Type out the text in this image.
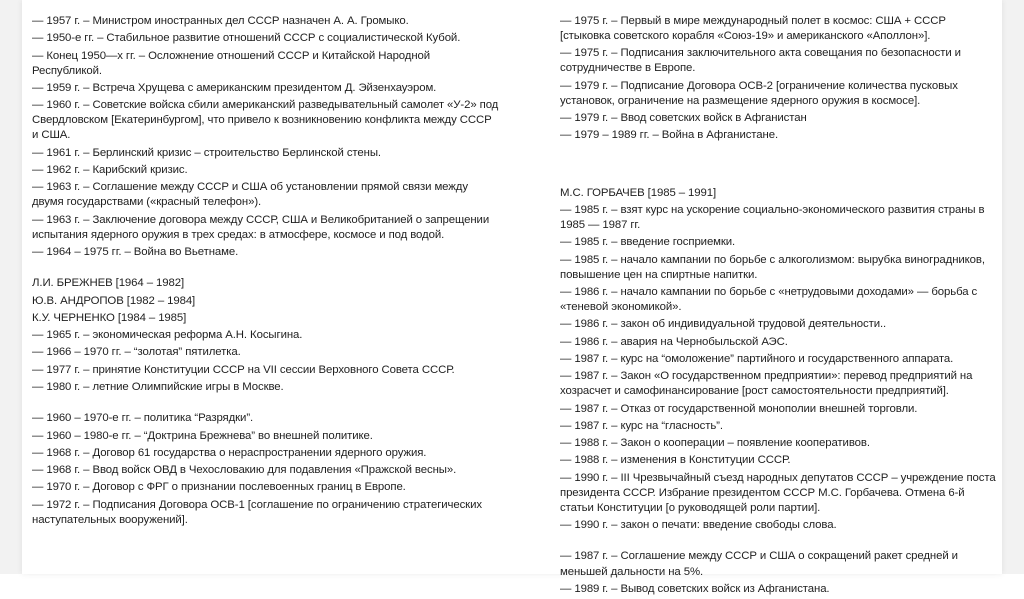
— 1957 г. – Министром иностранных дел СССР назначен А. А. Громыко.
— 1950-е гг. – Стабильное развитие отношений СССР с социалистической Кубой.
— Конец 1950—х гг. – Осложнение отношений СССР и Китайской Народной Республикой.
— 1959 г. – Встреча Хрущева с американским президентом Д. Эйзенхауэром.
— 1960 г. – Советские войска сбили американский разведывательный самолет «У-2» под Свердловском [Екатеринбургом], что привело к возникновению конфликта между СССР и США.
— 1961 г. – Берлинский кризис – строительство Берлинской стены.
— 1962 г. – Карибский кризис.
— 1963 г. – Соглашение между СССР и США об установлении прямой связи между двумя государствами («красный телефон»).
— 1963 г. – Заключение договора между СССР, США и Великобританией о запрещении испытания ядерного оружия в трех средах: в атмосфере, космосе и под водой.
— 1964 – 1975 гг. – Война во Вьетнаме.
Л.И. БРЕЖНЕВ [1964 – 1982]
Ю.В. АНДРОПОВ [1982 – 1984]
К.У. ЧЕРНЕНКО [1984 – 1985]
— 1965 г. – экономическая реформа А.Н. Косыгина.
— 1966 – 1970 гг. – “золотая” пятилетка.
— 1977 г. – принятие Конституции СССР на VII сессии Верховного Совета СССР.
— 1980 г. – летние Олимпийские игры в Москве.
— 1960 – 1970-е гг. – политика “Разрядки”.
— 1960 – 1980-е гг. – “Доктрина Брежнева” во внешней политике.
— 1968 г. – Договор 61 государства о нераспространении ядерного оружия.
— 1968 г. – Ввод войск ОВД в Чехословакию для подавления «Пражской весны».
— 1970 г. – Договор с ФРГ о признании послевоенных границ в Европе.
— 1972 г. – Подписания Договора ОСВ-1 [соглашение по ограничению стратегических наступательных вооружений].
— 1975 г. – Первый в мире международный полет в космос: США + СССР [стыковка советского корабля «Союз-19» и американского «Аполлон»].
— 1975 г. – Подписания заключительного акта совещания по безопасности и сотрудничестве в Европе.
— 1979 г. – Подписание Договора ОСВ-2 [ограничение количества пусковых установок, ограничение на размещение ядерного оружия в космосе].
— 1979 г. – Ввод советских войск в Афганистан
— 1979 – 1989 гг. – Война в Афганистане.
М.С. ГОРБАЧЕВ [1985 – 1991]
— 1985 г. – взят курс на ускорение социально-экономического развития страны в 1985 — 1987 гг.
— 1985 г. – введение госприемки.
— 1985 г. – начало кампании по борьбе с алкоголизмом: вырубка виноградников, повышение цен на спиртные напитки.
— 1986 г. – начало кампании по борьбе с «нетрудовыми доходами» — борьба с «теневой экономикой».
— 1986 г. – закон об индивидуальной трудовой деятельности..
— 1986 г. – авария на Чернобыльской АЭС.
— 1987 г. – курс на “омоложение” партийного и государственного аппарата.
— 1987 г. – Закон «О государственном предприятии»: перевод предприятий на хозрасчет и самофинансирование [рост самостоятельности предприятий].
— 1987 г. – Отказ от государственной монополии внешней торговли.
— 1987 г. – курс на “гласность”.
— 1988 г. – Закон о кооперации – появление кооперативов.
— 1988 г. – изменения в Конституции СССР.
— 1990 г. – III Чрезвычайный съезд народных депутатов СССР – учреждение поста президента СССР. Избрание президентом СССР М.С. Горбачева. Отмена 6-й статьи Конституции [о руководящей роли партии].
— 1990 г. – закон о печати: введение свободы слова.
— 1987 г. – Соглашение между СССР и США о сокращений ракет средней и меньшей дальности на 5%.
— 1989 г. – Вывод советских войск из Афганистана.
